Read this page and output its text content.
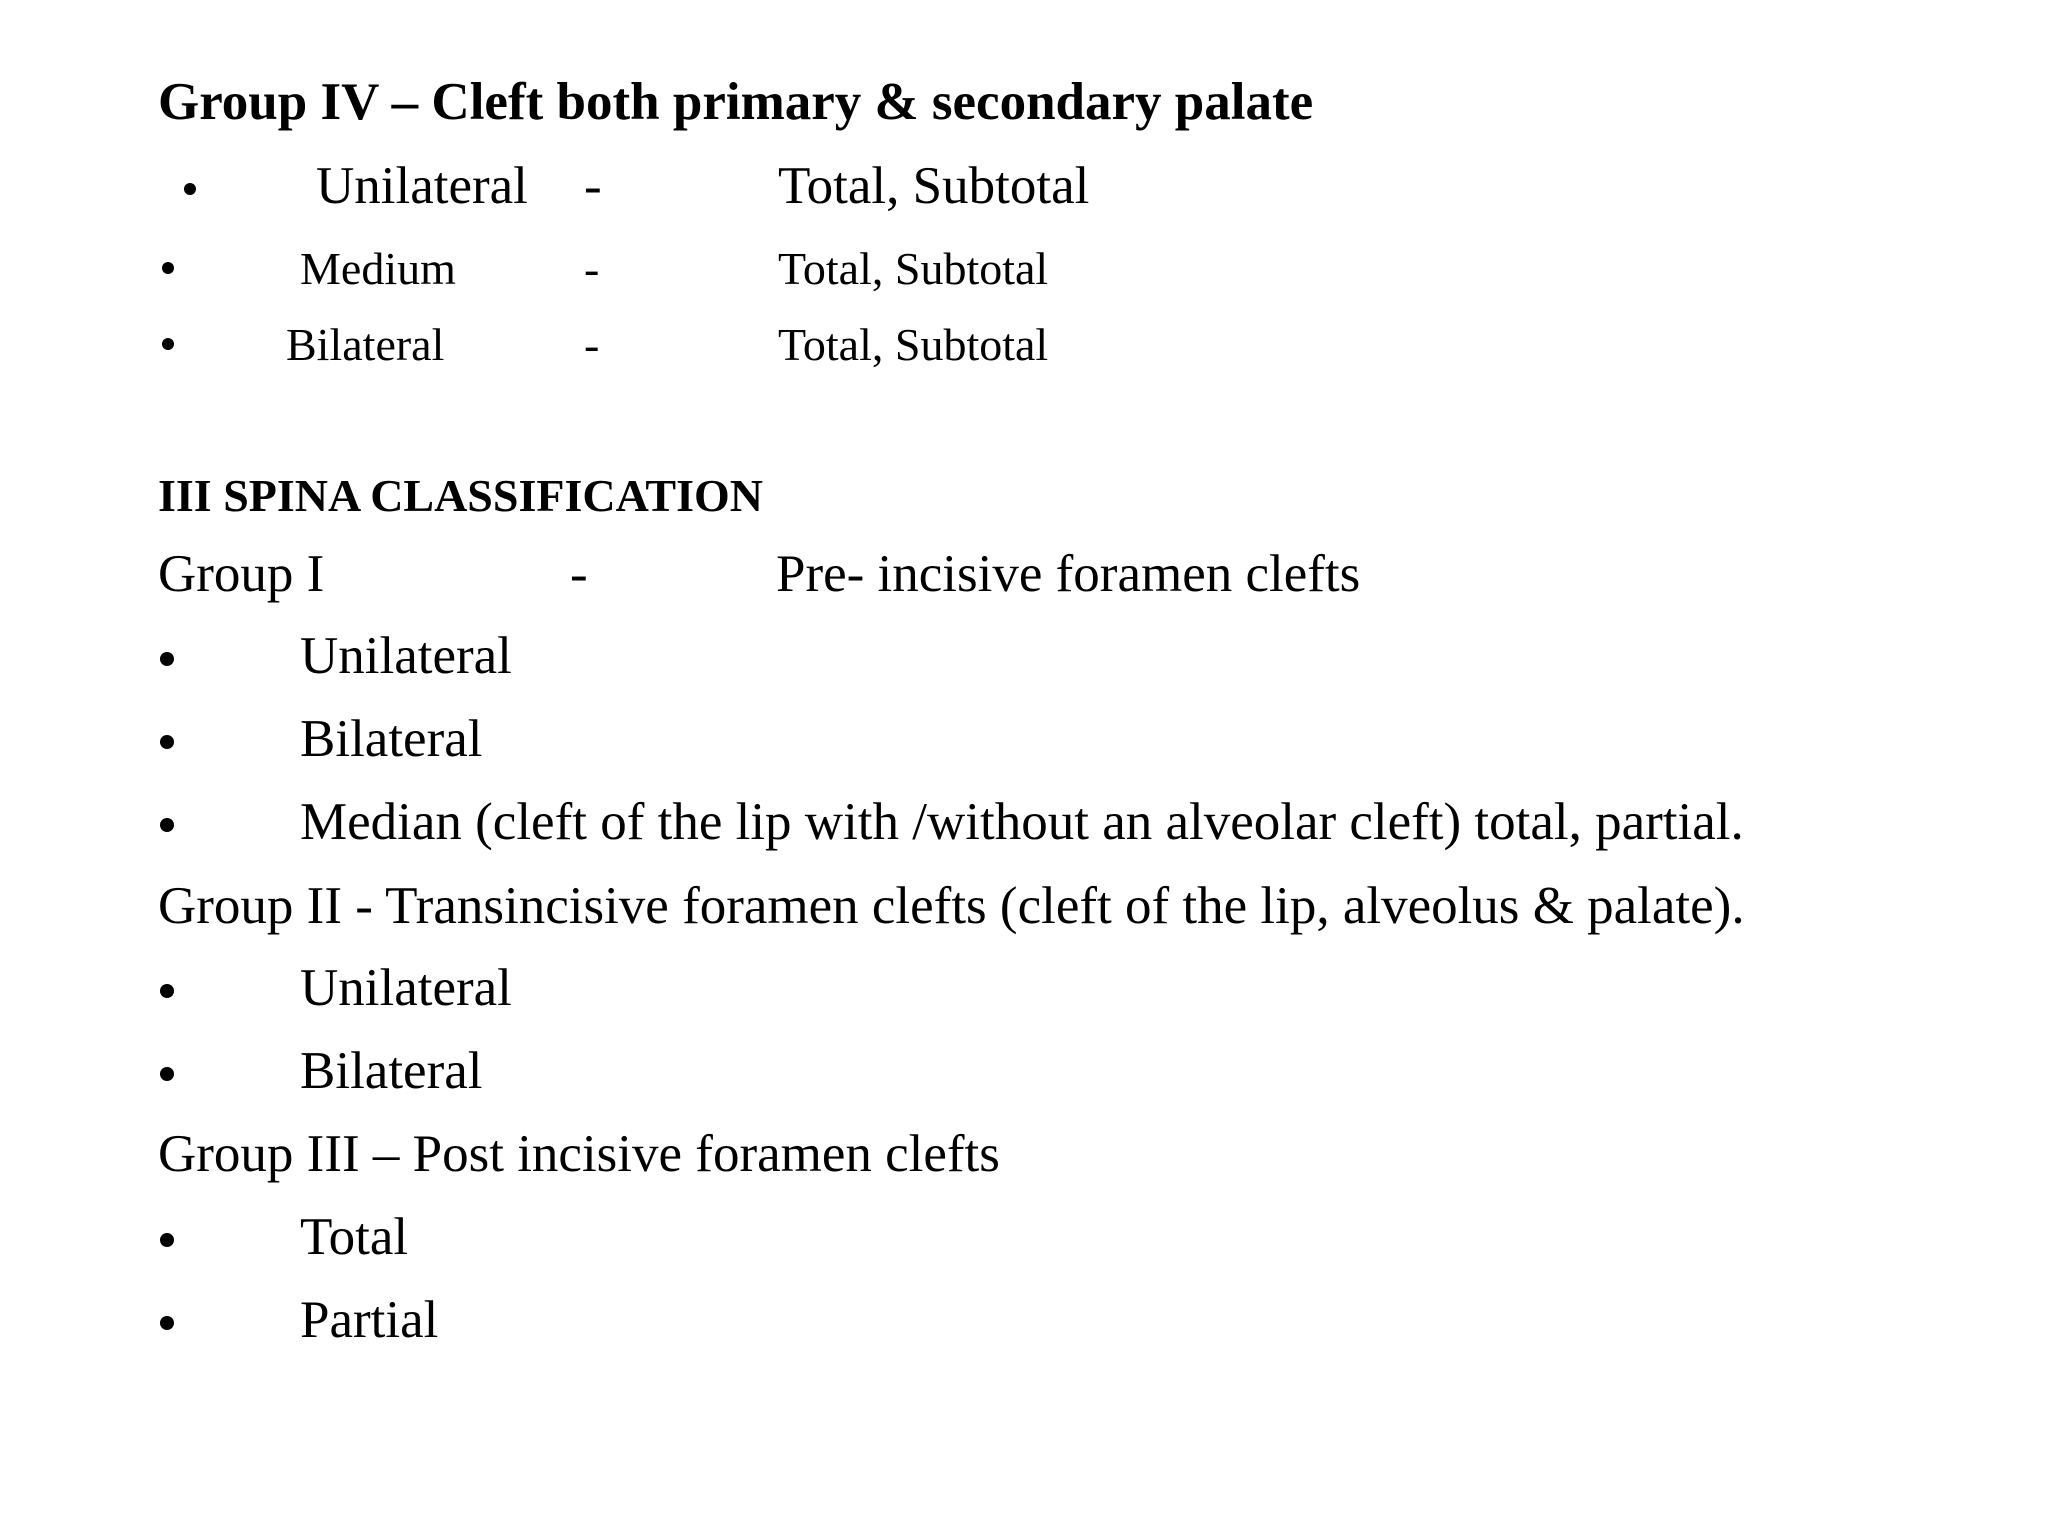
Group IV – Cleft both primary & secondary palate
Unilateral -	Total, Subtotal
Medium	-	Total, Subtotal
Bilateral	-	Total, Subtotal
III SPINA CLASSIFICATION
Group I	-	Pre- incisive foramen clefts
Unilateral
Bilateral
Median (cleft of the lip with /without an alveolar cleft) total, partial.
Group II - Transincisive foramen clefts (cleft of the lip, alveolus & palate).
Unilateral
Bilateral
Group III – Post incisive foramen clefts
Total
Partial
